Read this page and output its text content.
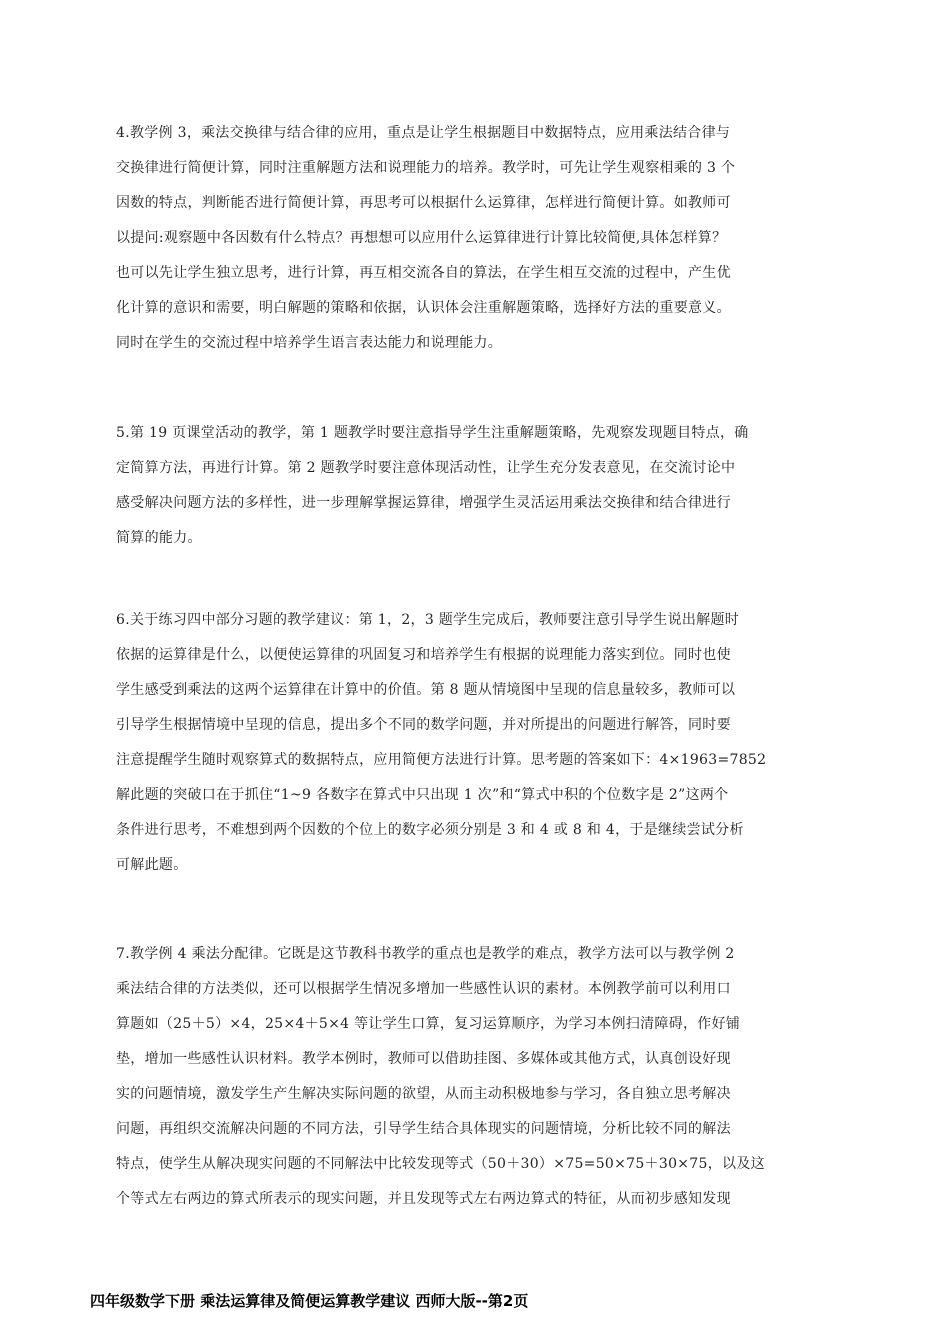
4.教学例 3，乘法交换律与结合律的应用，重点是让学生根据题目中数据特点，应用乘法结合律与
交换律进行简便计算，同时注重解题方法和说理能力的培养。教学时，可先让学生观察相乘的 3 个
因数的特点，判断能否进行简便计算，再思考可以根据什么运算律，怎样进行简便计算。如教师可
以提问:观察题中各因数有什么特点？再想想可以应用什么运算律进行计算比较简便,具体怎样算？
也可以先让学生独立思考，进行计算，再互相交流各自的算法，在学生相互交流的过程中，产生优
化计算的意识和需要，明白解题的策略和依据，认识体会注重解题策略，选择好方法的重要意义。
同时在学生的交流过程中培养学生语言表达能力和说理能力。
5.第 19 页课堂活动的教学，第 1 题教学时要注意指导学生注重解题策略，先观察发现题目特点，确
定简算方法，再进行计算。第 2 题教学时要注意体现活动性，让学生充分发表意见，在交流讨论中
感受解决问题方法的多样性，进一步理解掌握运算律，增强学生灵活运用乘法交换律和结合律进行
简算的能力。
6.关于练习四中部分习题的教学建议：第 1，2，3 题学生完成后，教师要注意引导学生说出解题时
依据的运算律是什么，以便使运算律的巩固复习和培养学生有根据的说理能力落实到位。同时也使
学生感受到乘法的这两个运算律在计算中的价值。第 8 题从情境图中呈现的信息量较多，教师可以
引导学生根据情境中呈现的信息，提出多个不同的数学问题，并对所提出的问题进行解答，同时要
注意提醒学生随时观察算式的数据特点，应用简便方法进行计算。思考题的答案如下：4×1963=7852
解此题的突破口在于抓住“1~9 各数字在算式中只出现 1 次”和“算式中积的个位数字是 2”这两个
条件进行思考，不难想到两个因数的个位上的数字必须分别是 3 和 4 或 8 和 4，于是继续尝试分析
可解此题。
7.教学例 4 乘法分配律。它既是这节教科书教学的重点也是教学的难点，教学方法可以与教学例 2
乘法结合律的方法类似，还可以根据学生情况多增加一些感性认识的素材。本例教学前可以利用口
算题如（25＋5）×4，25×4＋5×4 等让学生口算，复习运算顺序，为学习本例扫清障碍，作好铺
垫，增加一些感性认识材料。教学本例时，教师可以借助挂图、多媒体或其他方式，认真创设好现
实的问题情境，激发学生产生解决实际问题的欲望，从而主动积极地参与学习，各自独立思考解决
问题，再组织交流解决问题的不同方法，引导学生结合具体现实的问题情境，分析比较不同的解法
特点，使学生从解决现实问题的不同解法中比较发现等式（50＋30）×75=50×75＋30×75，以及这
个等式左右两边的算式所表示的现实问题，并且发现等式左右两边算式的特征，从而初步感知发现
四年级数学下册 乘法运算律及简便运算教学建议 西师大版--第2页
